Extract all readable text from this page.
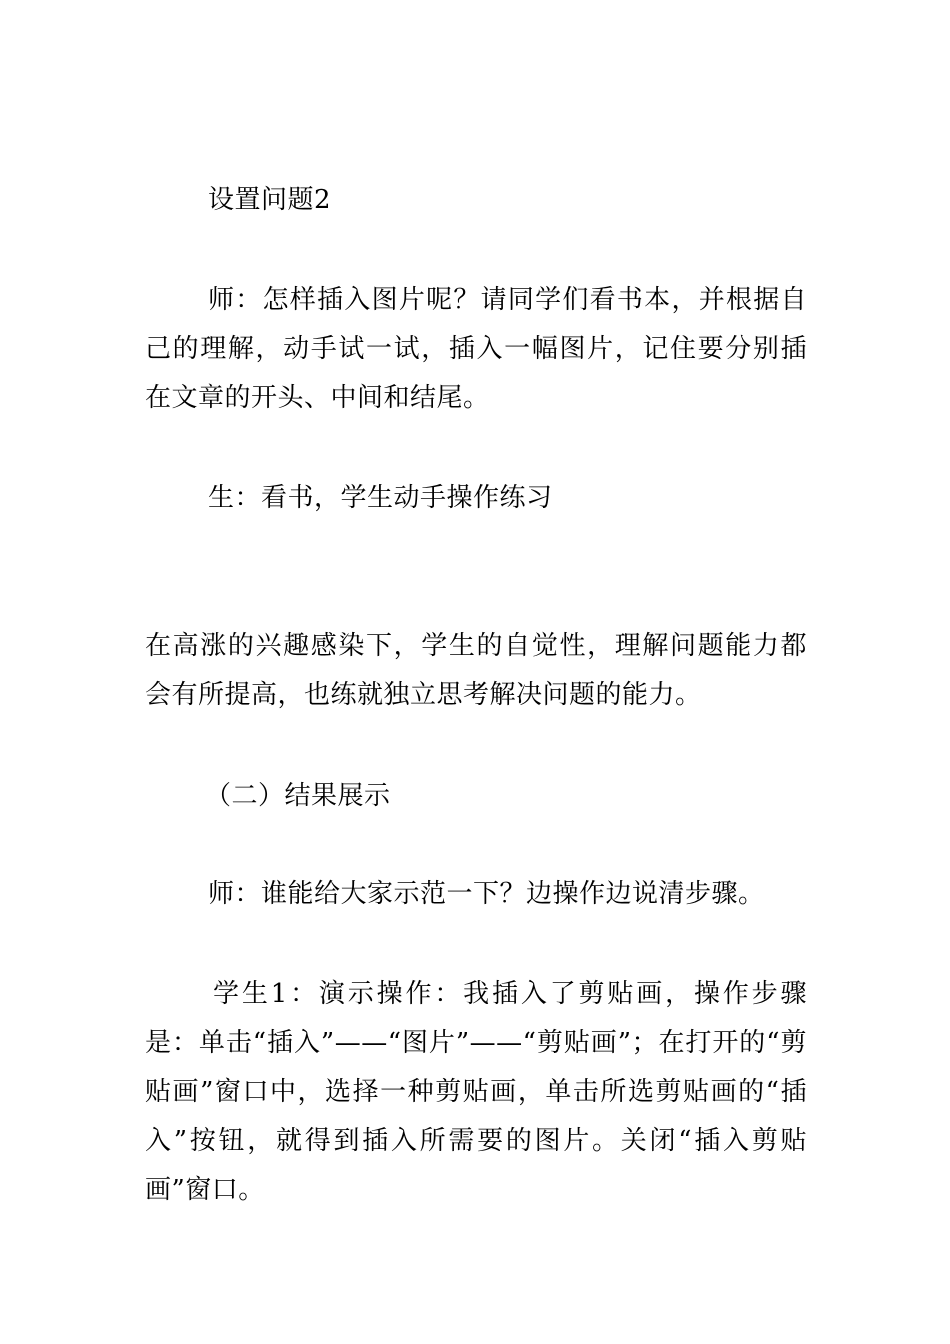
设置问题2

师：怎样插入图片呢？请同学们看书本，并根据自己的理解，动手试一试，插入一幅图片，记住要分别插在文章的开头、中间和结尾。

生：看书，学生动手操作练习

在高涨的兴趣感染下，学生的自觉性，理解问题能力都会有所提高，也练就独立思考解决问题的能力。

（二）结果展示

师：谁能给大家示范一下？边操作边说清步骤。

学生1：演示操作：我插入了剪贴画，操作步骤是：单击“插入”——“图片”——“剪贴画”；在打开的“剪贴画”窗口中，选择一种剪贴画，单击所选剪贴画的“插入”按钮，就得到插入所需要的图片。关闭“插入剪贴画”窗口。
